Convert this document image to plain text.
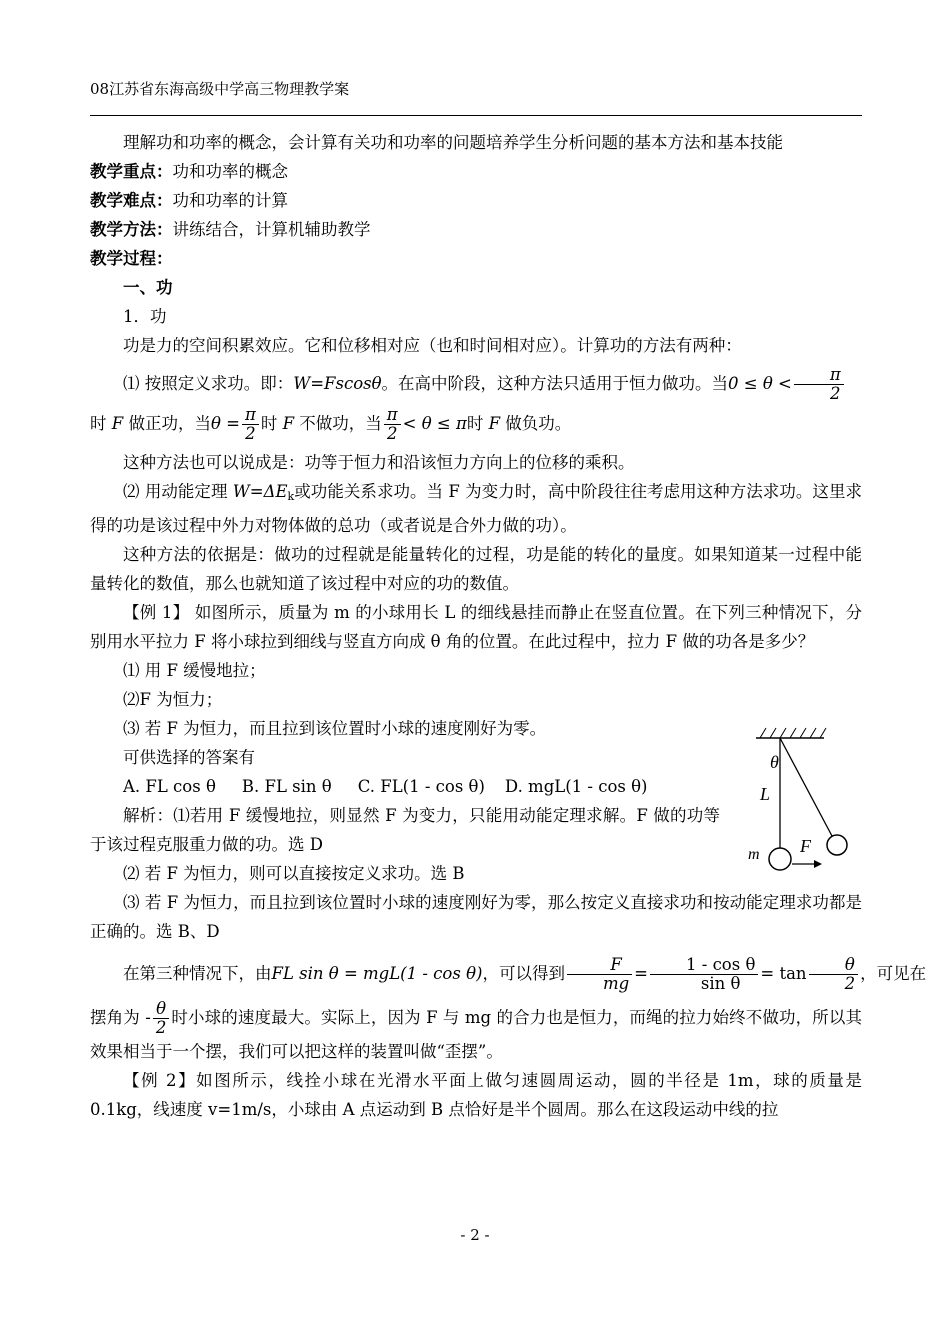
08江苏省东海高级中学高三物理教学案

理解功和功率的概念，会计算有关功和功率的问题培养学生分析问题的基本方法和基本技能

教学重点：功和功率的概念

教学难点：功和功率的计算

教学方法：讲练结合，计算机辅助教学

教学过程：

一、功

1．功

功是力的空间积累效应。它和位移相对应（也和时间相对应）。计算功的方法有两种：

⑴ 按照定义求功。即：W=Fscosθ。在高中阶段，这种方法只适用于恒力做功。当$0 \le \theta < \frac{\pi}{2}$

时 F 做正功，当$\theta = \frac{\pi}{2}$ 时 F 不做功，当 $\frac{\pi}{2} < \theta \le \pi$时 F 做负功。

这种方法也可以说成是：功等于恒力和沿该恒力方向上的位移的乘积。

⑵ 用动能定理 $W=\Delta E_k$或功能关系求功。当 F 为变力时，高中阶段往往考虑用这种方法求功。这里求得的功是该过程中外力对物体做的总功（或者说是合外力做的功）。

这种方法的依据是：做功的过程就是能量转化的过程，功是能的转化的量度。如果知道某一过程中能量转化的数值，那么也就知道了该过程中对应的功的数值。

【例 1】 如图所示，质量为 m 的小球用长 L 的细线悬挂而静止在竖直位置。在下列三种情况下，分别用水平拉力 F 将小球拉到细线与竖直方向成 θ 角的位置。在此过程中，拉力 F 做的功各是多少？

⑴ 用 F 缓慢地拉；

⑵F 为恒力；

⑶ 若 F 为恒力，而且拉到该位置时小球的速度刚好为零。

可供选择的答案有

A. FL cos θ B. FL sin θ C. FL(1 - cos θ) D. mgL(1 - cos θ)

解析：⑴若用 F 缓慢地拉，则显然 F 为变力，只能用动能定理求解。F 做的功等于该过程克服重力做的功。选 D

⑵ 若 F 为恒力，则可以直接按定义求功。选 B

⑶ 若 F 为恒力，而且拉到该位置时小球的速度刚好为零，那么按定义直接求功和按动能定理求功都是正确的。选 B、D

在第三种情况下，由FL sin θ = mgL(1 - cos θ)，可以得到 $\frac{F}{mg} = \frac{\text{1 - cos θ}}{\text{sin θ}} = \tan \frac{\theta}{2}$ ，可见在

摆角为 - $\frac{\theta}{2}$ 时小球的速度最大。实际上，因为 F 与 mg 的合力也是恒力，而绳的拉力始终不做功，所以其效果相当于一个摆，我们可以把这样的装置叫做“歪摆”。

【例 2】如图所示，线拴小球在光滑水平面上做匀速圆周运动，圆的半径是 1m，球的质量是 0.1kg，线速度 v=1m/s，小球由 A 点运动到 B 点恰好是半个圆周。那么在这段运动中线的拉

θ
L
m F
- 2 -
